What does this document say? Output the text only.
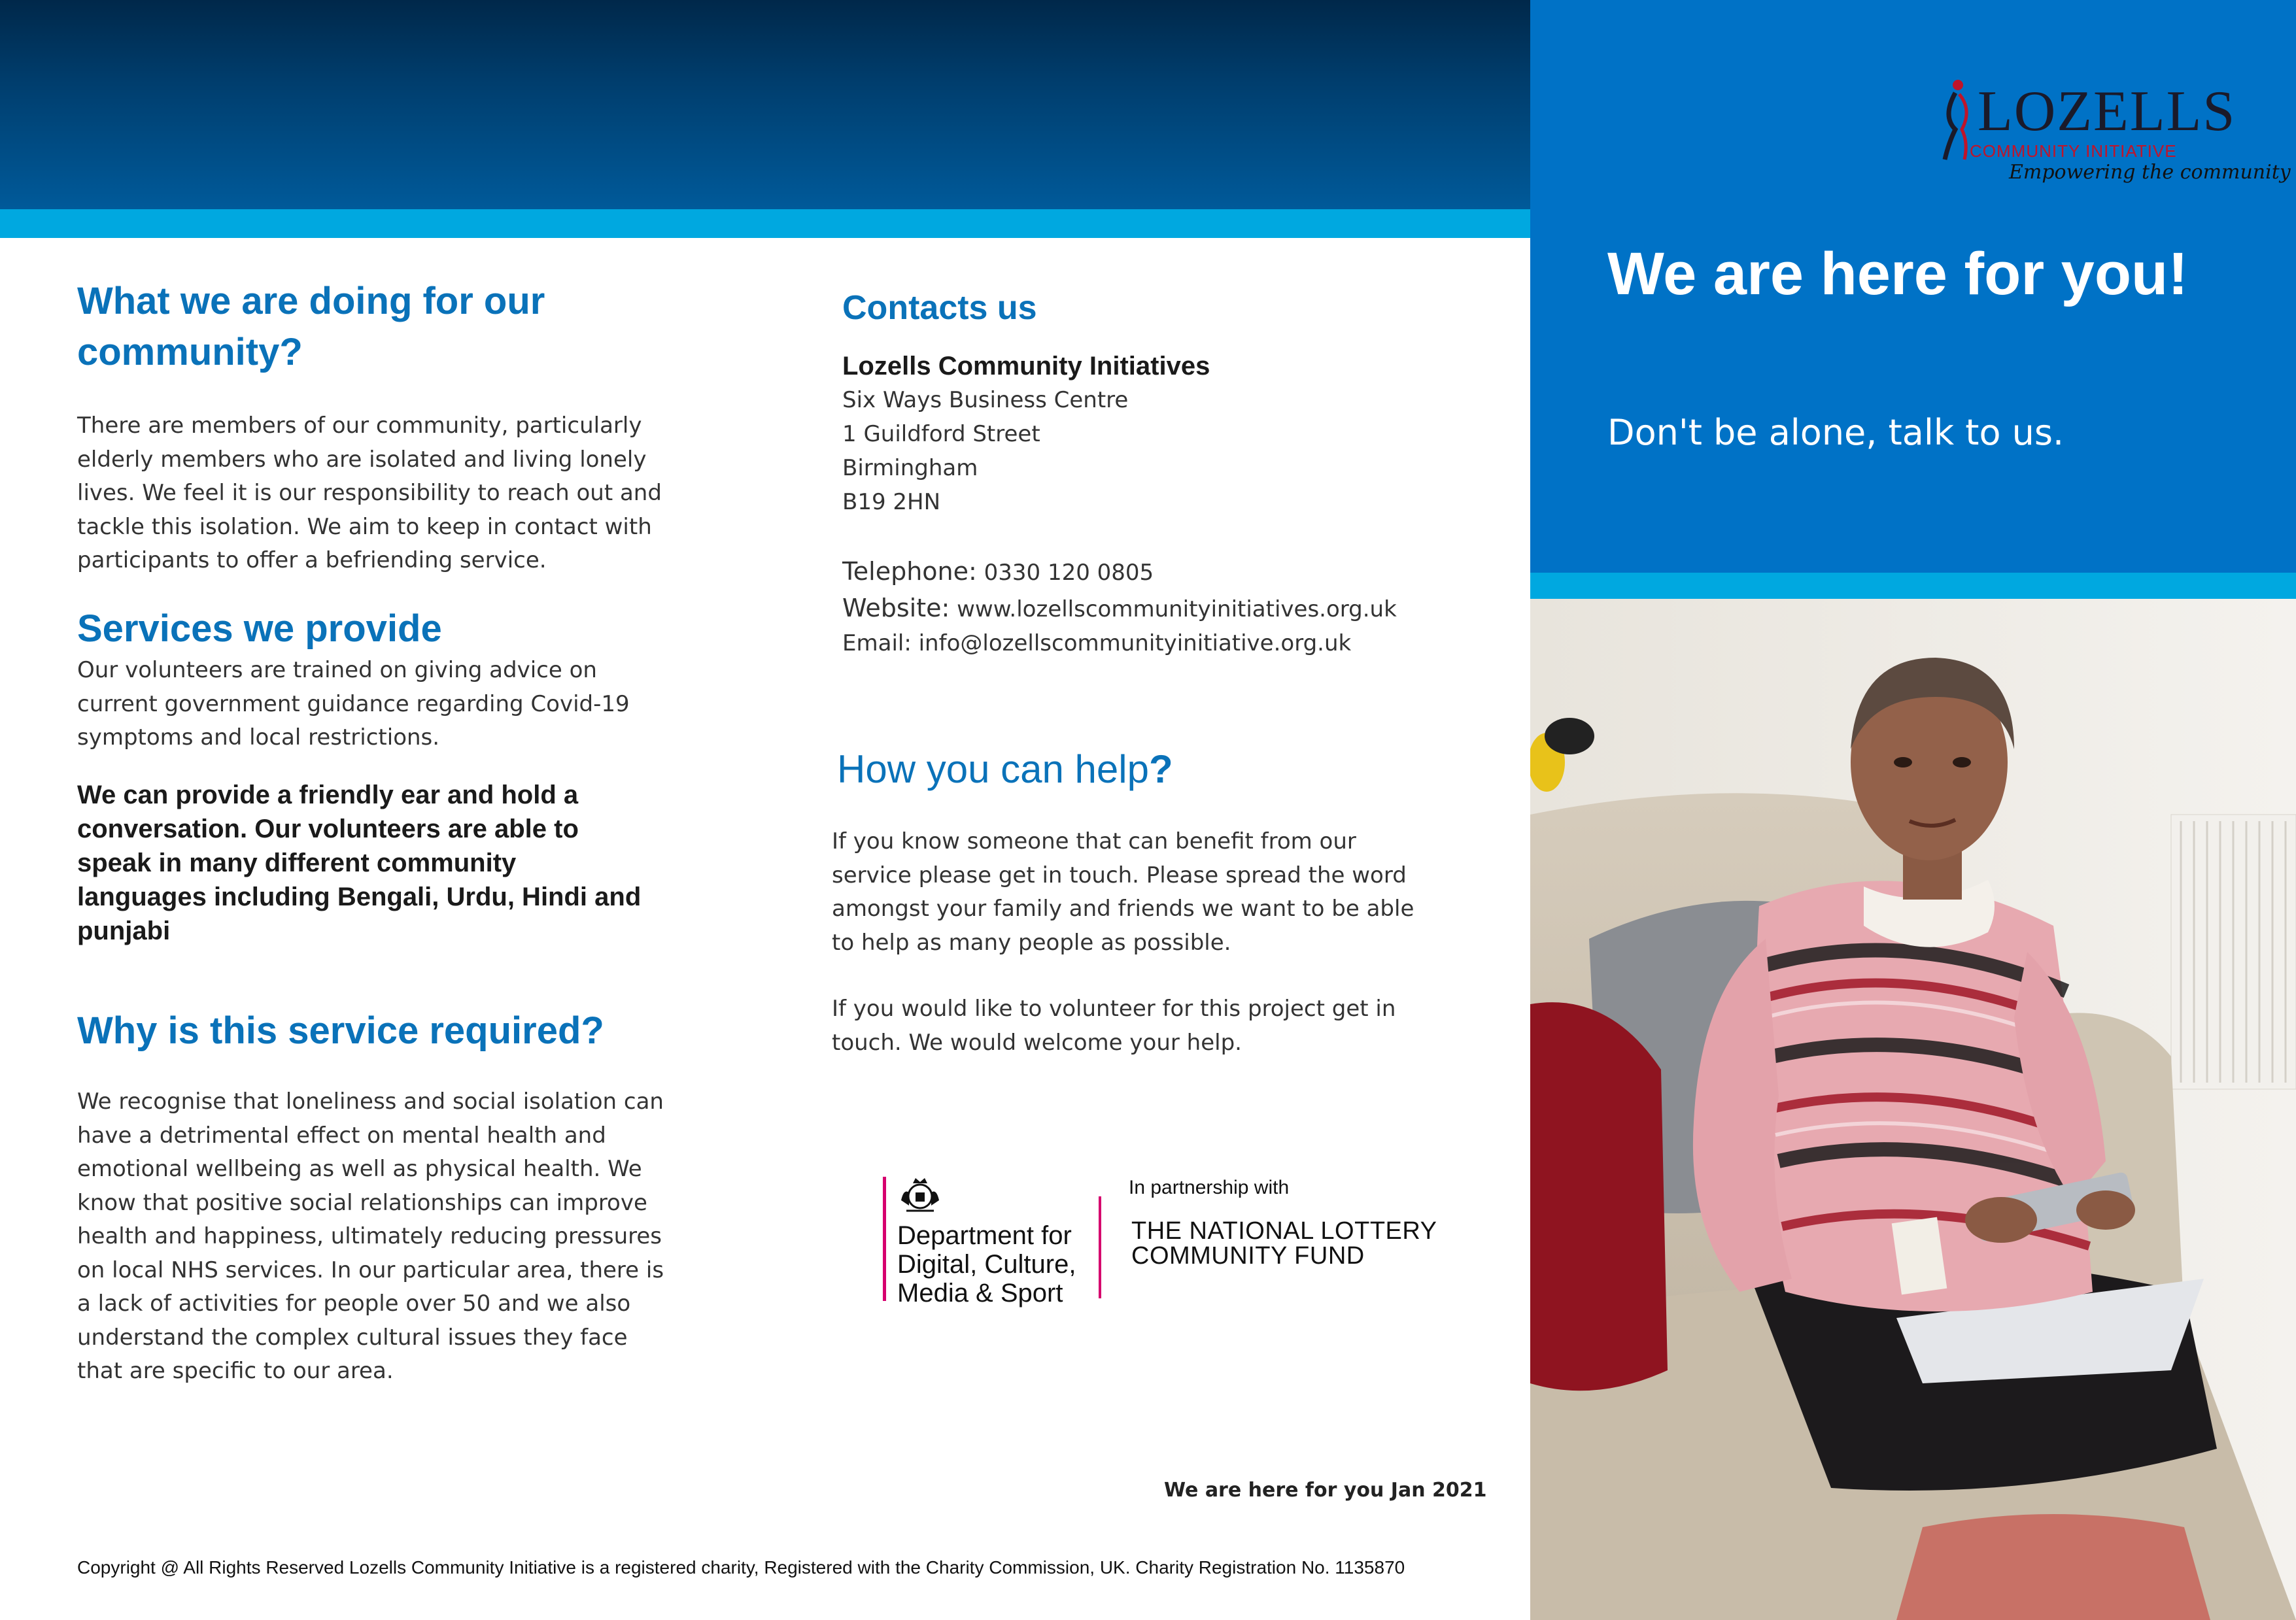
What we are doing for our community?
There are members of our community, particularly elderly members who are isolated and living lonely lives. We feel it is our responsibility to reach out and tackle this isolation. We aim to keep in contact with participants to offer a befriending service.
Services we provide
Our volunteers are trained on giving advice on current government guidance regarding Covid-19 symptoms and local restrictions.
We can provide a friendly ear and hold a conversation. Our volunteers are able to speak in many different community languages including Bengali, Urdu, Hindi and punjabi
Why is this service required?
We recognise that loneliness and social isolation can have a detrimental effect on mental health and emotional wellbeing as well as physical health. We know that positive social relationships can improve health and happiness, ultimately reducing pressures on local NHS services. In our particular area, there is a lack of activities for people over 50 and we also understand the complex cultural issues they face that are specific to our area.
Contacts us
Lozells Community Initiatives
Six Ways Business Centre
1 Guildford Street
Birmingham
B19 2HN
Telephone: 0330 120 0805
Website: www.lozellscommunityinitiatives.org.uk
Email: info@lozellscommunityinitiative.org.uk
How you can help?
If you know someone that can benefit from our service please get in touch. Please spread the word amongst your family and friends we want to be able to help as many people as possible.
If you would like to volunteer for this project get in touch. We would welcome your help.
Department for
Digital, Culture,
Media & Sport
In partnership with
THE NATIONAL LOTTERY
COMMUNITY FUND
We are here for you Jan 2021
Copyright @ All Rights Reserved Lozells Community Initiative is a registered charity, Registered with the Charity Commission, UK. Charity Registration No. 1135870
LOZELLS
COMMUNITY INITIATIVE
Empowering the community
We are here for you!
Don't be alone, talk to us.
